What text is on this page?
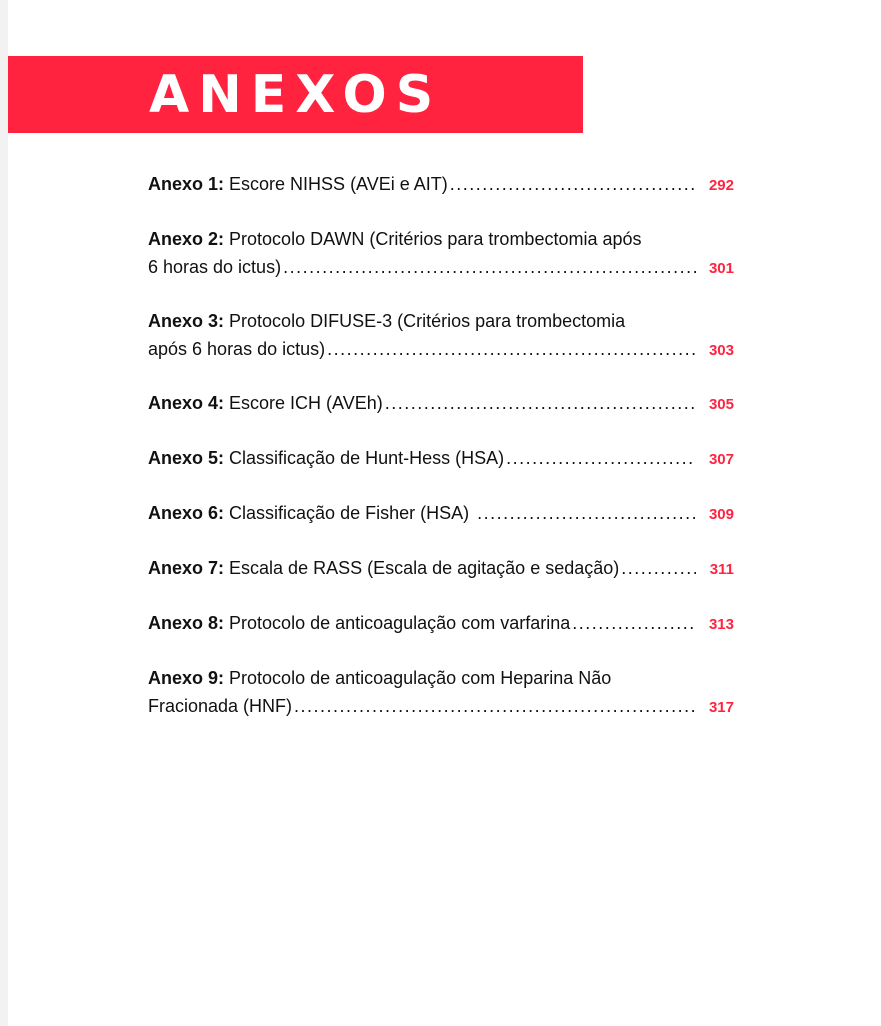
ANEXOS
Anexo 1: Escore NIHSS (AVEi e AIT) .....	292
Anexo 2: Protocolo DAWN (Critérios para trombectomia após
6 horas do ictus) .....	301
Anexo 3: Protocolo DIFUSE-3 (Critérios para trombectomia
após 6 horas do ictus) .....	303
Anexo 4: Escore ICH (AVEh) .....	305
Anexo 5: Classificação de Hunt-Hess (HSA) .....	307
Anexo 6: Classificação de Fisher (HSA) .....	309
Anexo 7: Escala de RASS (Escala de agitação e sedação) .....	311
Anexo 8: Protocolo de anticoagulação com varfarina .....	313
Anexo 9: Protocolo de anticoagulação com Heparina Não
Fracionada (HNF) .....	317
